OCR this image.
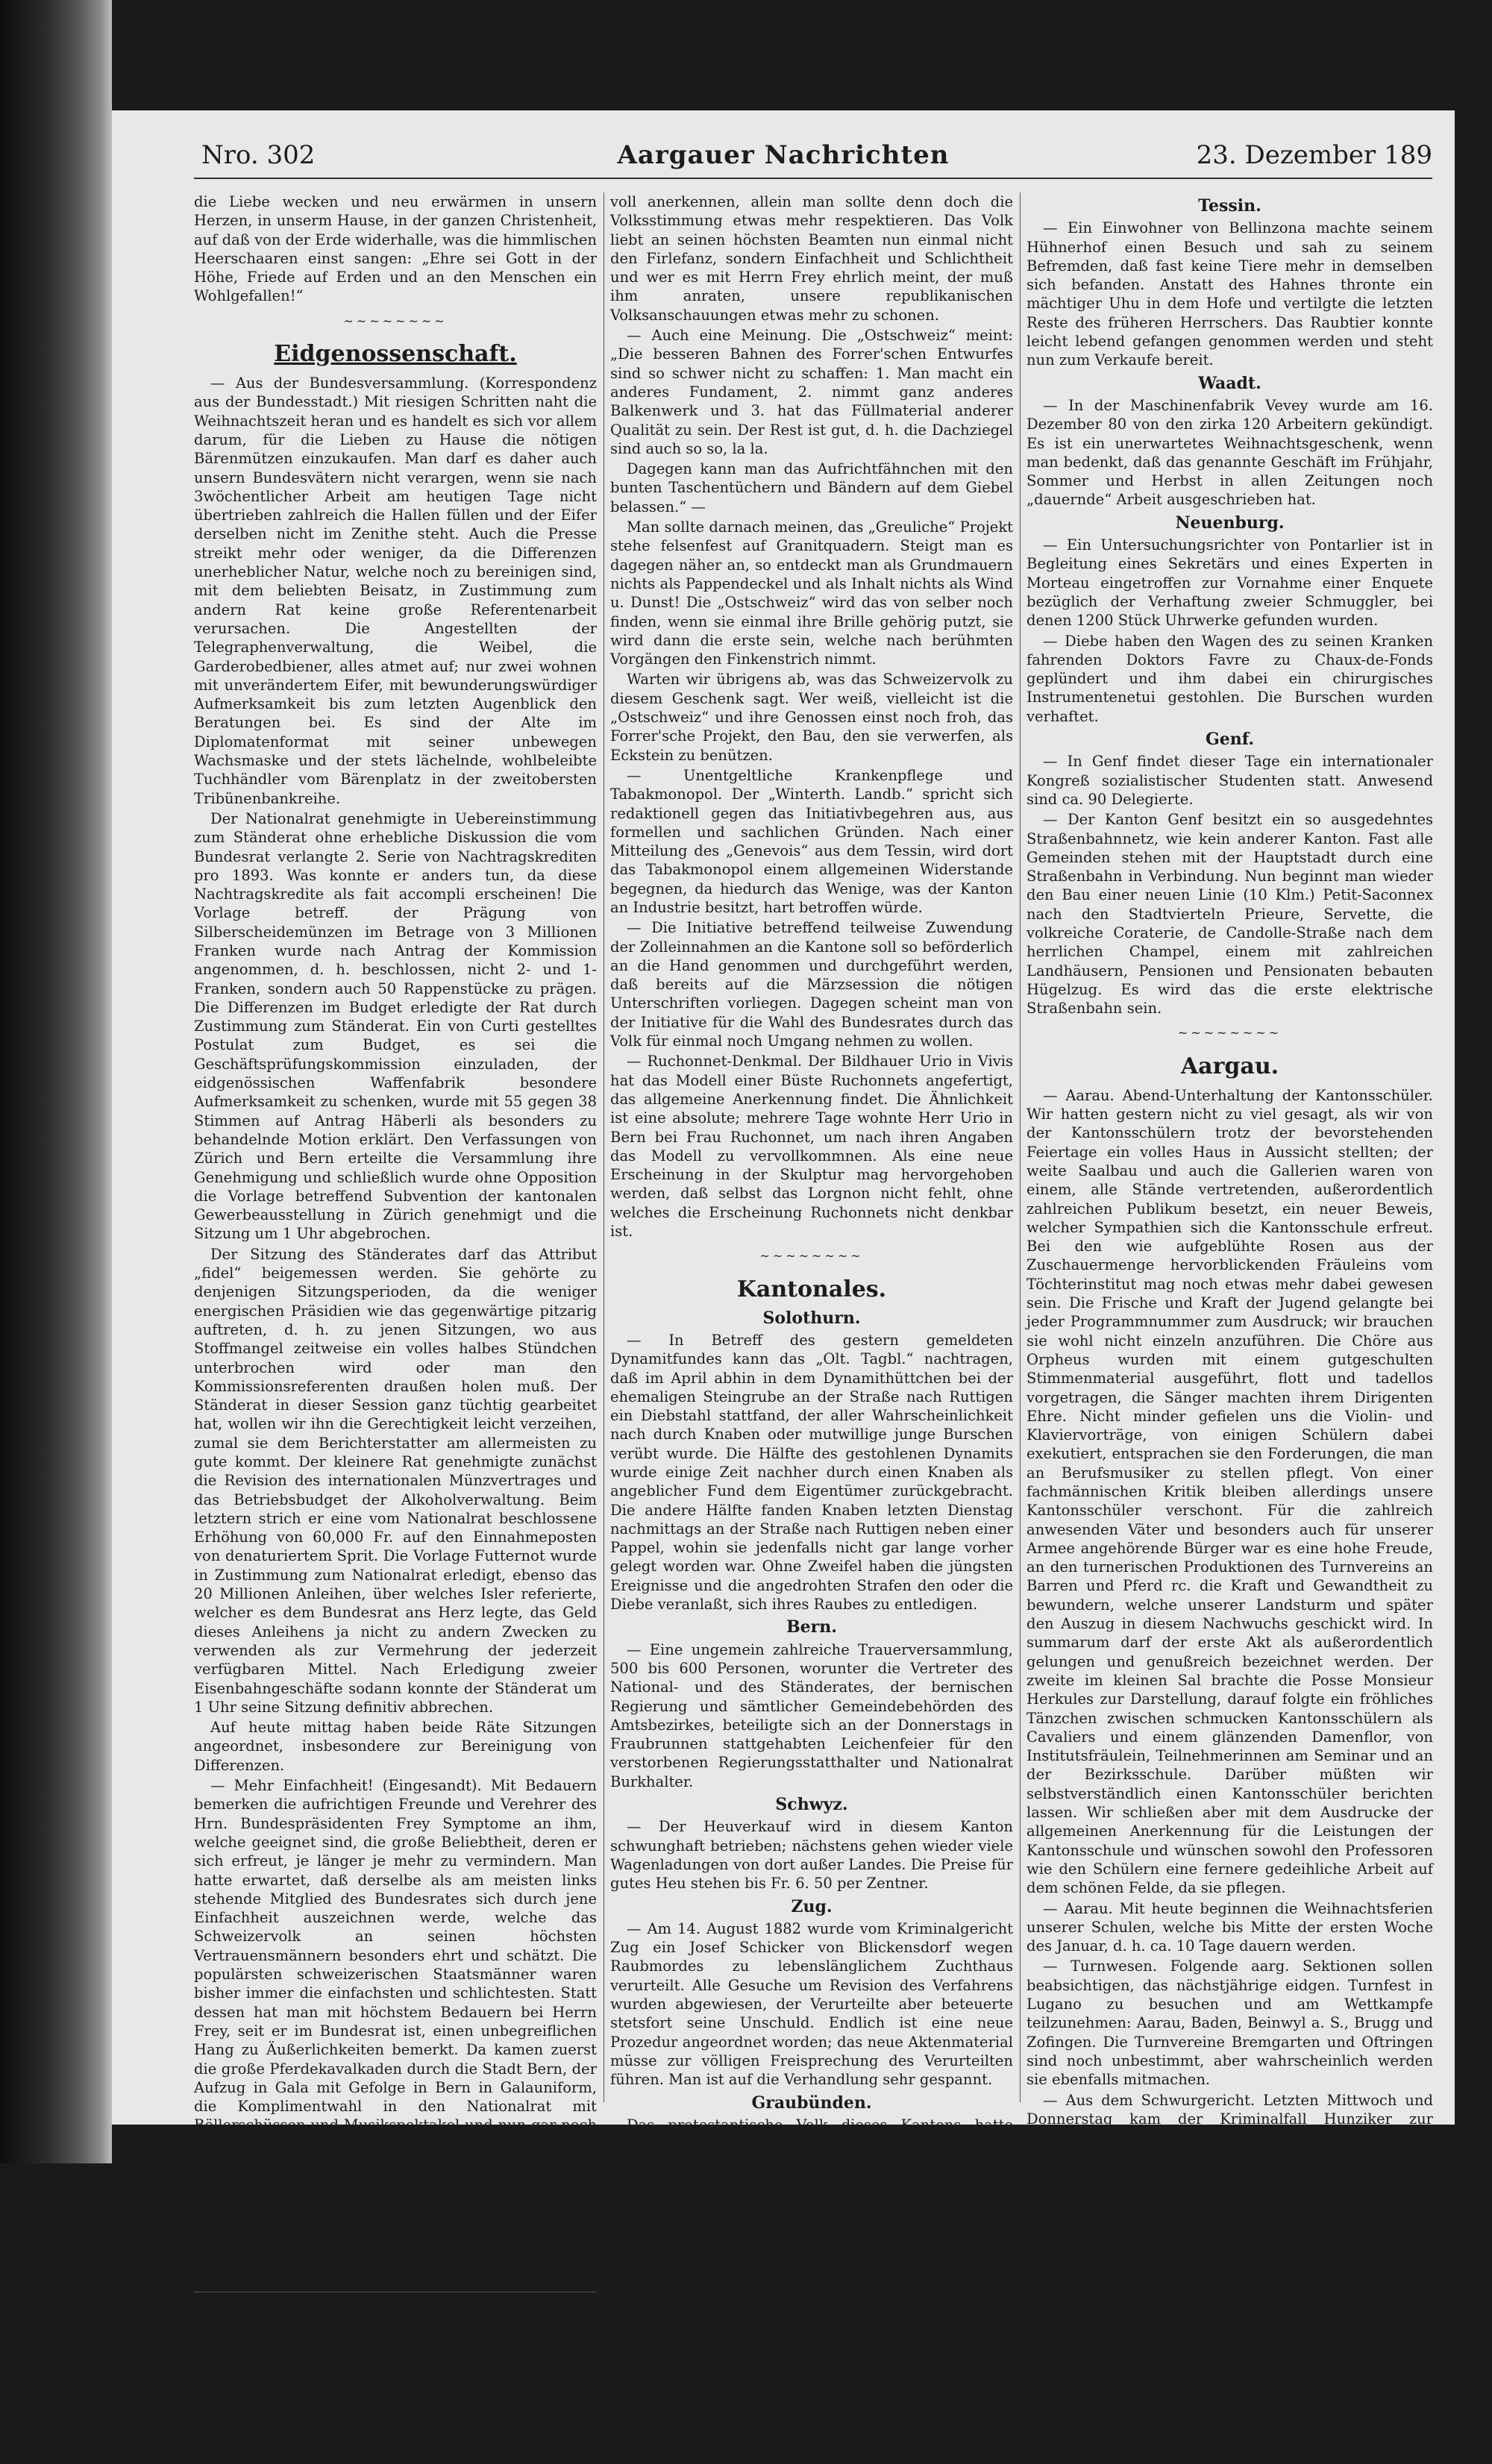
Nro. 302	Aargauer Nachrichten	23. Dezember 189

die Liebe wecken und neu erwärmen in unsern Herzen, in unserm Hause, in der ganzen Christenheit, auf daß von der Erde widerhalle, was die himmlischen Heerschaaren einst sangen: „Ehre sei Gott in der Höhe, Friede auf Erden und an den Menschen ein Wohlgefallen!“

~~~~~~~~
Eidgenossenschaft.

— Aus der Bundesversammlung. (Korrespondenz aus der Bundesstadt.) Mit riesigen Schritten naht die Weihnachtszeit heran und es handelt es sich vor allem darum, für die Lieben zu Hause die nötigen Bärenmützen einzukaufen. Man darf es daher auch unsern Bundesvätern nicht verargen, wenn sie nach 3wöchentlicher Arbeit am heutigen Tage nicht übertrieben zahlreich die Hallen füllen und der Eifer derselben nicht im Zenithe steht. Auch die Presse streikt mehr oder weniger, da die Differenzen unerheblicher Natur, welche noch zu bereinigen sind, mit dem beliebten Beisatz, in Zustimmung zum andern Rat keine große Referentenarbeit verursachen. Die Angestellten der Telegraphenverwaltung, die Weibel, die Garderobedbiener, alles atmet auf; nur zwei wohnen mit unverändertem Eifer, mit bewunderungswürdiger Aufmerksamkeit bis zum letzten Augenblick den Beratungen bei. Es sind der Alte im Diplomatenformat mit seiner unbewegen Wachsmaske und der stets lächelnde, wohlbeleibte Tuchhändler vom Bärenplatz in der zweitobersten Tribünenbankreihe.

Der Nationalrat genehmigte in Uebereinstimmung zum Ständerat ohne erhebliche Diskussion die vom Bundesrat verlangte 2. Serie von Nachtragskrediten pro 1893. Was konnte er anders tun, da diese Nachtragskredite als fait accompli erscheinen! Die Vorlage betreff. der Prägung von Silberscheidemünzen im Betrage von 3 Millionen Franken wurde nach Antrag der Kommission angenommen, d. h. beschlossen, nicht 2- und 1-Franken, sondern auch 50 Rappenstücke zu prägen. Die Differenzen im Budget erledigte der Rat durch Zustimmung zum Ständerat. Ein von Curti gestelltes Postulat zum Budget, es sei die Geschäftsprüfungskommission einzuladen, der eidgenössischen Waffenfabrik besondere Aufmerksamkeit zu schenken, wurde mit 55 gegen 38 Stimmen auf Antrag Häberli als besonders zu behandelnde Motion erklärt. Den Verfassungen von Zürich und Bern erteilte die Versammlung ihre Genehmigung und schließlich wurde ohne Opposition die Vorlage betreffend Subvention der kantonalen Gewerbeausstellung in Zürich genehmigt und die Sitzung um 1 Uhr abgebrochen.

Der Sitzung des Ständerates darf das Attribut „fidel“ beigemessen werden. Sie gehörte zu denjenigen Sitzungsperioden, da die weniger energischen Präsidien wie das gegenwärtige pitzarig auftreten, d. h. zu jenen Sitzungen, wo aus Stoffmangel zeitweise ein volles halbes Stündchen unterbrochen wird oder man den Kommissionsreferenten draußen holen muß. Der Ständerat in dieser Session ganz tüchtig gearbeitet hat, wollen wir ihn die Gerechtigkeit leicht verzeihen, zumal sie dem Berichterstatter am allermeisten zu gute kommt. Der kleinere Rat genehmigte zunächst die Revision des internationalen Münzvertrages und das Betriebsbudget der Alkoholverwaltung. Beim letztern strich er eine vom Nationalrat beschlossene Erhöhung von 60,000 Fr. auf den Einnahmeposten von denaturiertem Sprit. Die Vorlage Futternot wurde in Zustimmung zum Nationalrat erledigt, ebenso das 20 Millionen Anleihen, über welches Isler referierte, welcher es dem Bundesrat ans Herz legte, das Geld dieses Anleihens ja nicht zu andern Zwecken zu verwenden als zur Vermehrung der jederzeit verfügbaren Mittel. Nach Erledigung zweier Eisenbahngeschäfte sodann konnte der Ständerat um 1 Uhr seine Sitzung definitiv abbrechen.

Auf heute mittag haben beide Räte Sitzungen angeordnet, insbesondere zur Bereinigung von Differenzen.

— Mehr Einfachheit! (Eingesandt). Mit Bedauern bemerken die aufrichtigen Freunde und Verehrer des Hrn. Bundespräsidenten Frey Symptome an ihm, welche geeignet sind, die große Beliebtheit, deren er sich erfreut, je länger je mehr zu vermindern. Man hatte erwartet, daß derselbe als am meisten links stehende Mitglied des Bundesrates sich durch jene Einfachheit auszeichnen werde, welche das Schweizervolk an seinen höchsten Vertrauensmännern besonders ehrt und schätzt. Die populärsten schweizerischen Staatsmänner waren bisher immer die einfachsten und schlichtesten. Statt dessen hat man mit höchstem Bedauern bei Herrn Frey, seit er im Bundesrat ist, einen unbegreiflichen Hang zu Äußerlichkeiten bemerkt. Da kamen zuerst die große Pferdekavalkaden durch die Stadt Bern, der Aufzug in Gala mit Gefolge in Bern in Galauniform, die Komplimentwahl in den Nationalrat mit Böllerschüssen und Musikspektakel und nun gar noch die Medaille! Die letztere hätte, ganz abgesehen davon, daß sie geradezu von einem geschmackten Byzantismus zeugt, zu einer ungünstigeren Zeit gar nicht kommen können, wo das Volk über die Militärausgaben nicht weniger als in bester Stimmung ist. Wie für die letzten, welche die großen Verdienste des Herrn Frey um die Hebung des Wehrwesens nicht

zeigt, wo ich mich opfern kann, nicht allein für das Recht und die Verteidigung eines Wesens, das ich bewundere, sondern, wenn es sein muß, auch für sie!“

„O, ich bitte Sie, ich bitte Sie!“ schrie Justine in ihrer Seelenangst auf; „reden Sie nicht weiter — es ist ja Alles der helle Wahnwitz — gehen Sie, gehen Sie, ich werde niemals einwilligen —“

„Sie einwilligen? Bedarf man der Einwilligung von irgend Jemand, wenn man sterben will? Wenn ich mit Ihnen in die Luft sprengen will, was geht es Sie an?“

voll anerkennen, allein man sollte denn doch die Volksstimmung etwas mehr respektieren. Das Volk liebt an seinen höchsten Beamten nun einmal nicht den Firlefanz, sondern Einfachheit und Schlichtheit und wer es mit Herrn Frey ehrlich meint, der muß ihm anraten, unsere republikanischen Volksanschauungen etwas mehr zu schonen.

— Auch eine Meinung. Die „Ostschweiz“ meint: „Die besseren Bahnen des Forrer'schen Entwurfes sind so schwer nicht zu schaffen: 1. Man macht ein anderes Fundament, 2. nimmt ganz anderes Balkenwerk und 3. hat das Füllmaterial anderer Qualität zu sein. Der Rest ist gut, d. h. die Dachziegel sind auch so so, la la.

Dagegen kann man das Aufrichtfähnchen mit den bunten Taschentüchern und Bändern auf dem Giebel belassen.“ —

Man sollte darnach meinen, das „Greuliche“ Projekt stehe felsenfest auf Granitquadern. Steigt man es dagegen näher an, so entdeckt man als Grundmauern nichts als Pappendeckel und als Inhalt nichts als Wind u. Dunst! Die „Ostschweiz“ wird das von selber noch finden, wenn sie einmal ihre Brille gehörig putzt, sie wird dann die erste sein, welche nach berühmten Vorgängen den Finkenstrich nimmt.

Warten wir übrigens ab, was das Schweizervolk zu diesem Geschenk sagt. Wer weiß, vielleicht ist die „Ostschweiz“ und ihre Genossen einst noch froh, das Forrer'sche Projekt, den Bau, den sie verwerfen, als Eckstein zu benützen.

— Unentgeltliche Krankenpflege und Tabakmonopol. Der „Winterth. Landb.“ spricht sich redaktionell gegen das Initiativbegehren aus, aus formellen und sachlichen Gründen. Nach einer Mitteilung des „Genevois“ aus dem Tessin, wird dort das Tabakmonopol einem allgemeinen Widerstande begegnen, da hiedurch das Wenige, was der Kanton an Industrie besitzt, hart betroffen würde.

— Die Initiative betreffend teilweise Zuwendung der Zolleinnahmen an die Kantone soll so beförderlich an die Hand genommen und durchgeführt werden, daß bereits auf die Märzsession die nötigen Unterschriften vorliegen. Dagegen scheint man von der Initiative für die Wahl des Bundesrates durch das Volk für einmal noch Umgang nehmen zu wollen.

— Ruchonnet-Denkmal. Der Bildhauer Urio in Vivis hat das Modell einer Büste Ruchonnets angefertigt, das allgemeine Anerkennung findet. Die Ähnlichkeit ist eine absolute; mehrere Tage wohnte Herr Urio in Bern bei Frau Ruchonnet, um nach ihren Angaben das Modell zu vervollkommnen. Als eine neue Erscheinung in der Skulptur mag hervorgehoben werden, daß selbst das Lorgnon nicht fehlt, ohne welches die Erscheinung Ruchonnets nicht denkbar ist.

~~~~~~~~
Kantonales.
Solothurn.

— In Betreff des gestern gemeldeten Dynamitfundes kann das „Olt. Tagbl.“ nachtragen, daß im April abhin in dem Dynamithüttchen bei der ehemaligen Steingrube an der Straße nach Ruttigen ein Diebstahl stattfand, der aller Wahrscheinlichkeit nach durch Knaben oder mutwillige junge Burschen verübt wurde. Die Hälfte des gestohlenen Dynamits wurde einige Zeit nachher durch einen Knaben als angeblicher Fund dem Eigentümer zurückgebracht. Die andere Hälfte fanden Knaben letzten Dienstag nachmittags an der Straße nach Ruttigen neben einer Pappel, wohin sie jedenfalls nicht gar lange vorher gelegt worden war. Ohne Zweifel haben die jüngsten Ereignisse und die angedrohten Strafen den oder die Diebe veranlaßt, sich ihres Raubes zu entledigen.

Bern.

— Eine ungemein zahlreiche Trauerversammlung, 500 bis 600 Personen, worunter die Vertreter des National- und des Ständerates, der bernischen Regierung und sämtlicher Gemeindebehörden des Amtsbezirkes, beteiligte sich an der Donnerstags in Fraubrunnen stattgehabten Leichenfeier für den verstorbenen Regierungsstatthalter und Nationalrat Burkhalter.

Schwyz.

— Der Heuverkauf wird in diesem Kanton schwunghaft betrieben; nächstens gehen wieder viele Wagenladungen von dort außer Landes. Die Preise für gutes Heu stehen bis Fr. 6. 50 per Zentner.

Zug.

— Am 14. August 1882 wurde vom Kriminalgericht Zug ein Josef Schicker von Blickensdorf wegen Raubmordes zu lebenslänglichem Zuchthaus verurteilt. Alle Gesuche um Revision des Verfahrens wurden abgewiesen, der Verurteilte aber beteuerte stetsfort seine Unschuld. Endlich ist eine neue Prozedur angeordnet worden; das neue Aktenmaterial müsse zur völligen Freisprechung des Verurteilten führen. Man ist auf die Verhandlung sehr gespannt.

Graubünden.

Das protestantische Volk dieses Kantons hatte letzten Sonntag über den Stephanstag abzustimmen, d. h. darüber, ob dieser Tag gefeiert werden solle, wenn auf Weihnachten ohnehin zwei Feiertage zusammentreffen. Der Stephanstag ist ein bündnerischer Feiertag, das Volk will ihn unter allen Umständen beibehalten. Mit etwa 2000 gegen 200 Stimmen wurde die Vorlage der Synode, welche die angedeutete Einschränkung einführen wollte, abgelehnt.

Tessin.

— Ein Einwohner von Bellinzona machte seinem Hühnerhof einen Besuch und sah zu seinem Befremden, daß fast keine Tiere mehr in demselben sich befanden. Anstatt des Hahnes thronte ein mächtiger Uhu in dem Hofe und vertilgte die letzten Reste des früheren Herrschers. Das Raubtier konnte leicht lebend gefangen genommen werden und steht nun zum Verkaufe bereit.

Waadt.

— In der Maschinenfabrik Vevey wurde am 16. Dezember 80 von den zirka 120 Arbeitern gekündigt. Es ist ein unerwartetes Weihnachtsgeschenk, wenn man bedenkt, daß das genannte Geschäft im Frühjahr, Sommer und Herbst in allen Zeitungen noch „dauernde“ Arbeit ausgeschrieben hat.

Neuenburg.

— Ein Untersuchungsrichter von Pontarlier ist in Begleitung eines Sekretärs und eines Experten in Morteau eingetroffen zur Vornahme einer Enquete bezüglich der Verhaftung zweier Schmuggler, bei denen 1200 Stück Uhrwerke gefunden wurden.

— Diebe haben den Wagen des zu seinen Kranken fahrenden Doktors Favre zu Chaux-de-Fonds geplündert und ihm dabei ein chirurgisches Instrumentenetui gestohlen. Die Burschen wurden verhaftet.

Genf.

— In Genf findet dieser Tage ein internationaler Kongreß sozialistischer Studenten statt. Anwesend sind ca. 90 Delegierte.

— Der Kanton Genf besitzt ein so ausgedehntes Straßenbahnnetz, wie kein anderer Kanton. Fast alle Gemeinden stehen mit der Hauptstadt durch eine Straßenbahn in Verbindung. Nun beginnt man wieder den Bau einer neuen Linie (10 Klm.) Petit-Saconnex nach den Stadtvierteln Prieure, Servette, die volkreiche Coraterie, de Candolle-Straße nach dem herrlichen Champel, einem mit zahlreichen Landhäusern, Pensionen und Pensionaten bebauten Hügelzug. Es wird das die erste elektrische Straßenbahn sein.

~~~~~~~~
Aargau.

— Aarau. Abend-Unterhaltung der Kantonsschüler. Wir hatten gestern nicht zu viel gesagt, als wir von der Kantonsschülern trotz der bevorstehenden Feiertage ein volles Haus in Aussicht stellten; der weite Saalbau und auch die Gallerien waren von einem, alle Stände vertretenden, außerordentlich zahlreichen Publikum besetzt, ein neuer Beweis, welcher Sympathien sich die Kantonsschule erfreut. Bei den wie aufgeblühte Rosen aus der Zuschauermenge hervorblickenden Fräuleins vom Töchterinstitut mag noch etwas mehr dabei gewesen sein. Die Frische und Kraft der Jugend gelangte bei jeder Programmnummer zum Ausdruck; wir brauchen sie wohl nicht einzeln anzuführen. Die Chöre aus Orpheus wurden mit einem gutgeschulten Stimmenmaterial ausgeführt, flott und tadellos vorgetragen, die Sänger machten ihrem Dirigenten Ehre. Nicht minder gefielen uns die Violin- und Klaviervorträge, von einigen Schülern dabei exekutiert, entsprachen sie den Forderungen, die man an Berufsmusiker zu stellen pflegt. Von einer fachmännischen Kritik bleiben allerdings unsere Kantonsschüler verschont. Für die zahlreich anwesenden Väter und besonders auch für unserer Armee angehörende Bürger war es eine hohe Freude, an den turnerischen Produktionen des Turnvereins an Barren und Pferd rc. die Kraft und Gewandtheit zu bewundern, welche unserer Landsturm und später den Auszug in diesem Nachwuchs geschickt wird. In summarum darf der erste Akt als außerordentlich gelungen und genußreich bezeichnet werden. Der zweite im kleinen Sal brachte die Posse Monsieur Herkules zur Darstellung, darauf folgte ein fröhliches Tänzchen zwischen schmucken Kantonsschülern als Cavaliers und einem glänzenden Damenflor, von Institutsfräulein, Teilnehmerinnen am Seminar und an der Bezirksschule. Darüber müßten wir selbstverständlich einen Kantonsschüler berichten lassen. Wir schließen aber mit dem Ausdrucke der allgemeinen Anerkennung für die Leistungen der Kantonsschule und wünschen sowohl den Professoren wie den Schülern eine fernere gedeihliche Arbeit auf dem schönen Felde, da sie pflegen.

— Aarau. Mit heute beginnen die Weihnachtsferien unserer Schulen, welche bis Mitte der ersten Woche des Januar, d. h. ca. 10 Tage dauern werden.

— Turnwesen. Folgende aarg. Sektionen sollen beabsichtigen, das nächstjährige eidgen. Turnfest in Lugano zu besuchen und am Wettkampfe teilzunehmen: Aarau, Baden, Beinwyl a. S., Brugg und Zofingen. Die Turnvereine Bremgarten und Oftringen sind noch unbestimmt, aber wahrscheinlich werden sie ebenfalls mitmachen.

— Aus dem Schwurgericht. Letzten Mittwoch und Donnerstag kam der Kriminalfall Hunziker zur Verhandlung. Bernhard Hunziker von Moosleerau in der „Stampfi“ zu Oftringen hat dieses Frühjahr das Nachbarhaus, bewohnt von den Eigentümern Witwe Scheibler und Witwe Zimmerli, beides arme Mütter zahlreicher Kinder, aus gemeiner Habsucht in Brand gesteckt. Die Fahrhabe blieb in den Flammen. Hunziker wies jede Schuld ab, konnte aber durch Indizienbeweis, wohl 30 Zeugen waren vorgeladen, überwiesen werden. Die Assisen verurteilten Hunziker zu 17 Jahren Zuchthaus und zur Bezahlung sämtlicher Kosten. Durch Fleiß und Sparsamkeit oder eher durch übertriebenen Geiz, der ihn auch zum Verbrechen führte, hatte sich Hunziker einen
